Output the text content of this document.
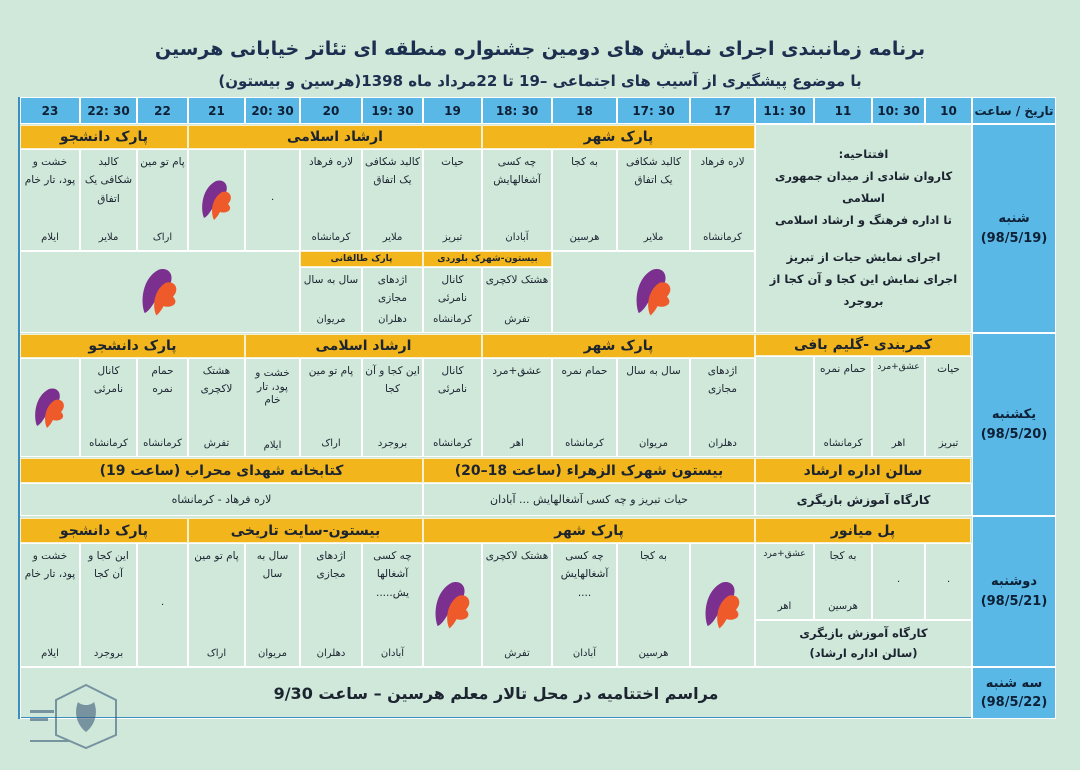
برنامه زمانبندی اجرای نمایش های دومین جشنواره منطقه ای تئاتر خیابانی هرسین
با موضوع پیشگیری از آسیب های اجتماعی –19 تا 22مرداد ماه 1398(هرسین و بیستون)
تاریخ / ساعت
10
10: 30
11
11: 30
17
17: 30
18
18: 30
19
19: 30
20
20: 30
21
22
22: 30
23
شنبه
(98/5/19)
یکشنبه
(98/5/20)
دوشنبه
(98/5/21)
سه شنبه
(98/5/22)
پارک شهر
ارشاد اسلامی
پارک دانشجو
افتتاحیه:
کاروان شادی از میدان جمهوری اسلامی
تا اداره فرهنگ و ارشاد اسلامی
اجرای نمایش حیات از تبریز
اجرای نمایش این کجا و آن کجا از بروجرد
لاره فرهاد
کرمانشاه
کالبد شکافی یک اتفاق
ملایر
به کجا
هرسین
چه کسی آشغالهایش
آبادان
حیات
تبریز
کالبد شکافی یک اتفاق
ملایر
لاره فرهاد
کرمانشاه
۰
پام تو مین
اراک
کالبد شکافی یک اتفاق
ملایر
خشت و پود، تار خام
ایلام
بیستون-شهرک بلوردی
پارک طالقانی
هشتک لاکچری
تفرش
کانال نامرئی
کرمانشاه
اژدهای مجازی
دهلران
سال به سال
مریوان
کمربندی -گلیم بافی
پارک شهر
ارشاد اسلامی
پارک دانشجو
حیات
تبریز
عشق+مرد
اهر
حمام نمره
کرمانشاه
اژدهای مجازی
دهلران
سال به سال
مریوان
حمام نمره
کرمانشاه
عشق+مرد
اهر
کانال نامرئی
کرمانشاه
این کجا و آن کجا
بروجرد
پام تو مین
اراک
خشت و پود، تار خام
ایلام
هشتک لاکچری
تفرش
حمام نمره
کرمانشاه
کانال نامرئی
کرمانشاه
سالن اداره ارشاد
بیستون شهرک الزهراء (ساعت 18–20)
کتابخانه شهدای محراب (ساعت 19)
کارگاه آموزش بازیگری
حیات تبریز و چه کسی آشغالهایش ... آبادان
لاره فرهاد - کرمانشاه
پل میانور
پارک شهر
بیستون-سایت تاریخی
پارک دانشجو
۰
۰
به کجا
هرسین
عشق+مرد
اهر
کارگاه آموزش بازیگری
(سالن اداره ارشاد)
به کجا
هرسین
چه کسی آشغالهایش ....
آبادان
هشتک لاکچری
تفرش
چه کسی آشغالها یش.....
آبادان
اژدهای مجازی
دهلران
سال به سال
مریوان
پام تو مین
اراک
۰
این کجا و آن کجا
بروجرد
خشت و پود، تار خام
ایلام
مراسم اختتامیه در محل تالار معلم هرسین – ساعت 9/30
